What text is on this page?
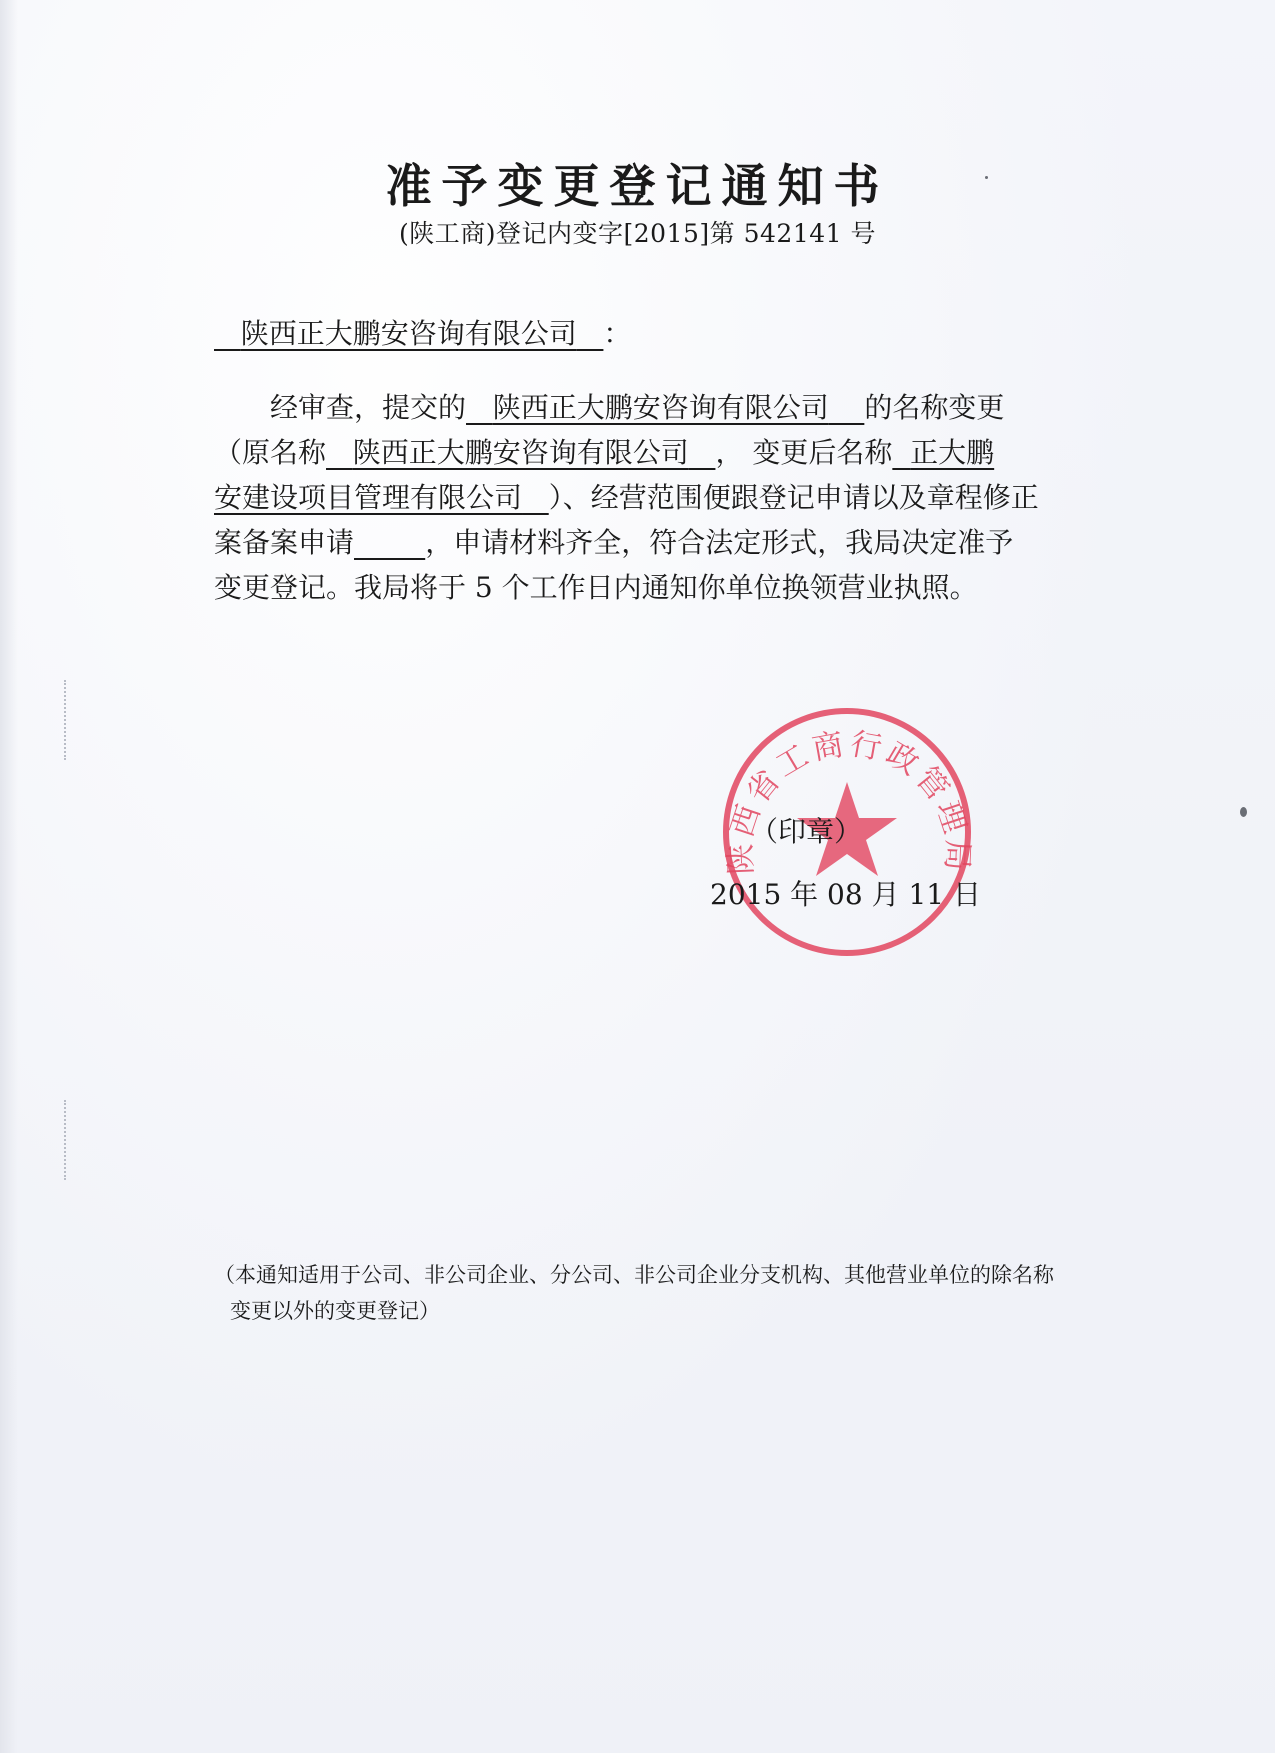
准予变更登记通知书
(陕工商)登记内变字[2015]第 542141 号
陕西正大鹏安咨询有限公司 ：
经审查，提交的 陕西正大鹏安咨询有限公司 的名称变更
（原名称 陕西正大鹏安咨询有限公司 ， 变更后名称 正大鹏
安建设项目管理有限公司 ）、经营范围便跟登记申请以及章程修正
案备案申请	，申请材料齐全，符合法定形式，我局决定准予
变更登记。我局将于 5 个工作日内通知你单位换领营业执照。
陕西省工商行政管理局
（印章）
2015 年 08 月 11 日
（本通知适用于公司、非公司企业、分公司、非公司企业分支机构、其他营业单位的除名称
变更以外的变更登记）
